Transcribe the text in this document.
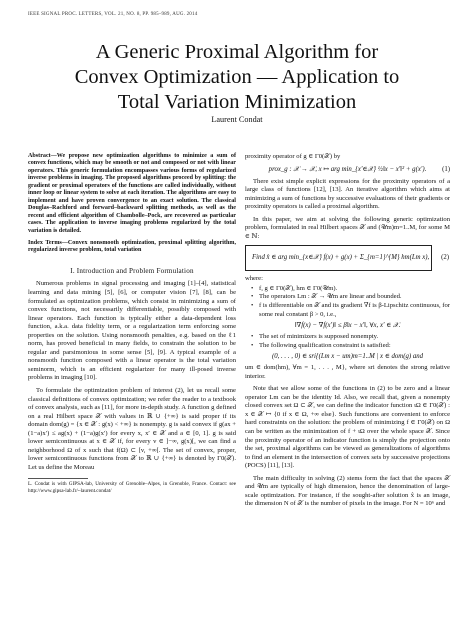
IEEE SIGNAL PROC. LETTERS, VOL. 21, NO. 8, PP. 985–989, AUG. 2014
A Generic Proximal Algorithm for
Convex Optimization — Application to
Total Variation Minimization
Laurent Condat
Abstract—We propose new optimization algorithms to minimize a sum of convex functions, which may be smooth or not and composed or not with linear operators. This generic formulation encompasses various forms of regularized inverse problems in imaging. The proposed algorithms proceed by splitting: the gradient or proximal operators of the functions are called individually, without inner loop or linear system to solve at each iteration. The algorithms are easy to implement and have proven convergence to an exact solution. The classical Douglas–Rachford and forward–backward splitting methods, as well as the recent and efficient algorithm of Chambolle–Pock, are recovered as particular cases. The application to inverse imaging problems regularized by the total variation is detailed.
Index Terms—Convex nonsmooth optimization, proximal splitting algorithm, regularized inverse problem, total variation
I. Introduction and Problem Formulation

Numerous problems in signal processing and imaging [1]–[4], statistical learning and data mining [5], [6], or computer vision [7], [8], can be formulated as optimization problems, which consist in minimizing a sum of convex functions, not necessarily differentiable, possibly composed with linear operators. Each function is typically either a data-dependent loss function, a.k.a. data fidelity term, or a regularization term enforcing some properties on the solution. Using nonsmooth penalties, e.g. based on the ℓ1 norm, has proved beneficial in many fields, to constrain the solution to be regular and parsimonious in some sense [5], [9]. A typical example of a nonsmooth function composed with a linear operator is the total variation seminorm, which is an efficient regularizer for many ill-posed inverse problems in imaging [10].

To formulate the optimization problem of interest (2), let us recall some classical definitions of convex optimization; we refer the reader to a textbook of convex analysis, such as [11], for more in-depth study. A function g defined on a real Hilbert space 𝒳 with values in ℝ ∪ {+∞} is said proper if its domain dom(g) = {x ∈ 𝒳 : g(x) < +∞} is nonempty. g is said convex if g(ax + (1−a)x′) ≤ ag(x) + (1−a)g(x′) for every x, x′ ∈ 𝒳 and a ∈ [0, 1]. g is said lower semicontinuous at x ∈ 𝒳 if, for every v ∈ ]−∞, g(x)[, we can find a neighborhood Ω of x such that f(Ω) ⊂ [v, +∞[. The set of convex, proper, lower semicontinuous functions from 𝒳 to ℝ ∪ {+∞} is denoted by Γ0(𝒳). Let us define the Moreau

L. Condat is with GIPSA-lab, University of Grenoble–Alpes, in Grenoble, France. Contact: see http://www.gipsa-lab.fr/~laurent.condat/

proximity operator of g ∈ Γ0(𝒳) by

prox_g : 𝒳 → 𝒳, x ↦ arg min_{x′∈𝒳} ½‖x − x′‖² + g(x′). (1)

There exist simple explicit expressions for the proximity operators of a large class of functions [12], [13]. An iterative algorithm which aims at minimizing a sum of functions by successive evaluations of their gradients or proximity operators is called a proximal algorithm.

In this paper, we aim at solving the following generic optimization problem, formulated in real Hilbert spaces 𝒳 and (𝒰m)m=1..M, for some M ∈ ℕ:

Find x̂ ∈ arg min_{x∈𝒳} f(x) + g(x) + Σ_{m=1}^{M} hm(Lm x), (2)

where:

• f, g ∈ Γ0(𝒳), hm ∈ Γ0(𝒰m).
• The operators Lm : 𝒳 → 𝒰m are linear and bounded.
• f is differentiable on 𝒳 and its gradient ∇f is β-Lipschitz continuous, for some real constant β > 0, i.e.,
‖∇f(x) − ∇f(x′)‖ ≤ β‖x − x′‖, ∀x, x′ ∈ 𝒳.
• The set of minimizers is supposed nonempty.
• The following qualification constraint is satisfied:
(0, . . . , 0) ∈ sri{(Lm x − um)m=1..M | x ∈ dom(g) and

um ∈ dom(hm), ∀m = 1, . . . , M}, where sri denotes the strong relative interior.

Note that we allow some of the functions in (2) to be zero and a linear operator Lm can be the identity Id. Also, we recall that, given a nonempty closed convex set Ω ⊂ 𝒳, we can define the indicator function ιΩ ∈ Γ0(𝒳) : x ∈ 𝒳 ↦ {0 if x ∈ Ω, +∞ else}. Such functions are convenient to enforce hard constraints on the solution: the problem of minimizing f ∈ Γ0(𝒳) on Ω can be written as the minimization of f + ιΩ over the whole space 𝒳. Since the proximity operator of an indicator function is simply the projection onto the set, proximal algorithms can be viewed as generalizations of algorithms to find an element in the intersection of convex sets by successive projections (POCS) [11], [13].

The main difficulty in solving (2) stems form the fact that the spaces 𝒳 and 𝒰m are typically of high dimension, hence the denomination of large-scale optimization. For instance, if the sought-after solution x̂ is an image, the dimension N of 𝒳 is the number of pixels in the image. For N = 10⁶ and
